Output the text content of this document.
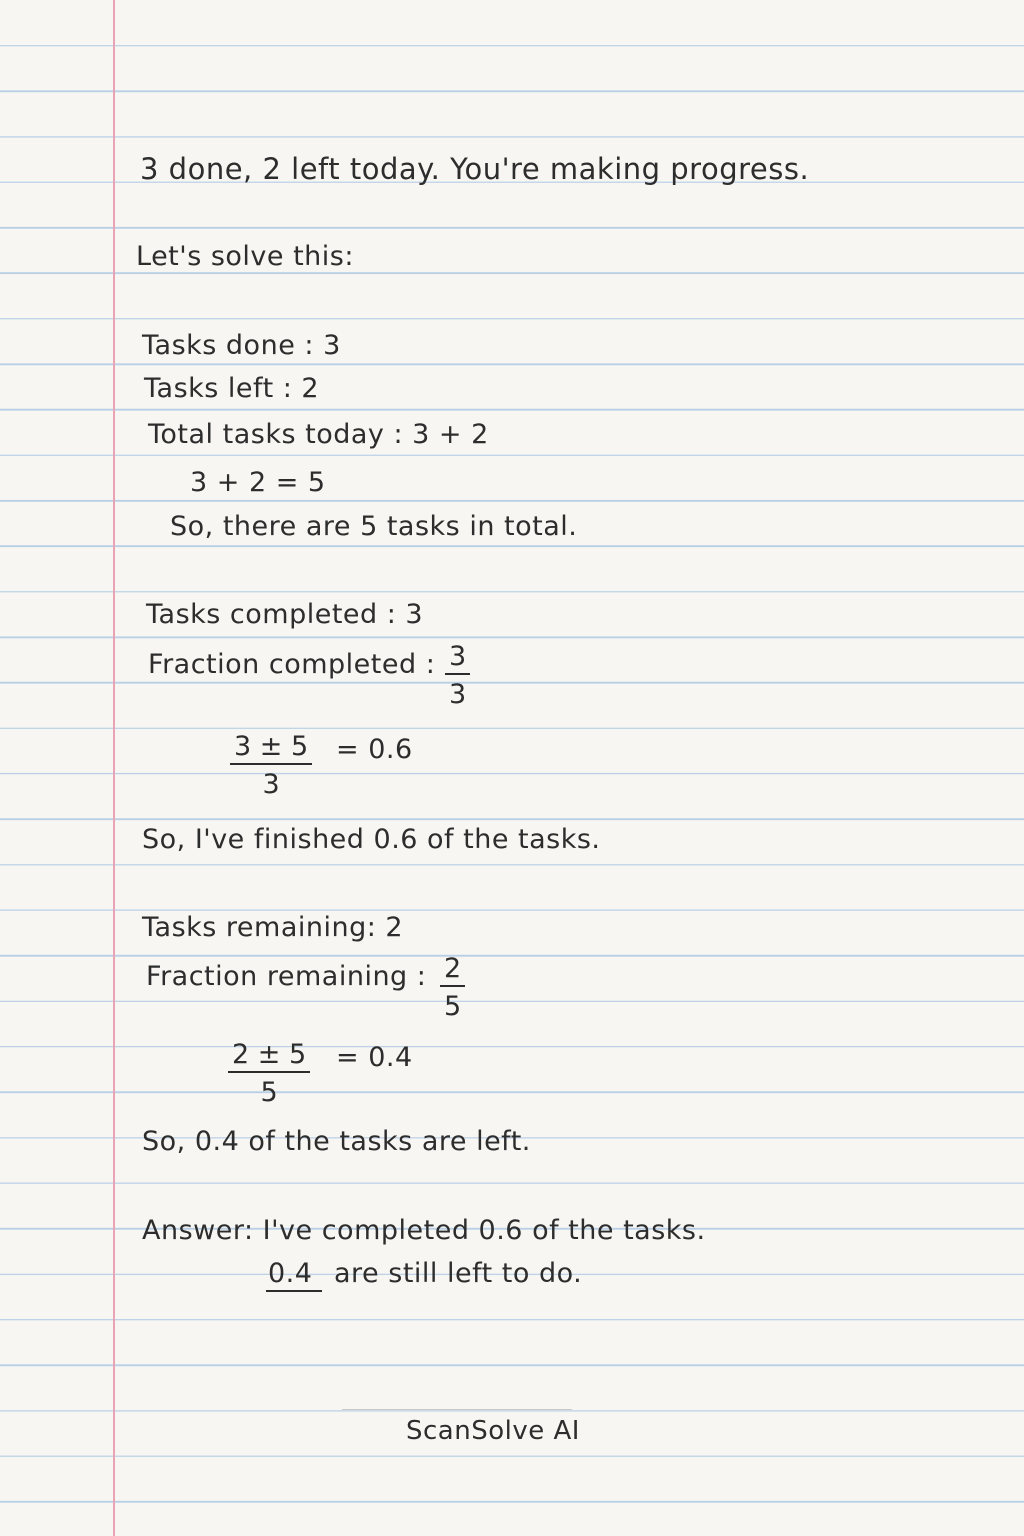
3 done, 2 left today. You're making progress.
Let's solve this:
Tasks done : 3
Tasks left : 2
Total tasks today : 3 + 2
3 + 2 = 5
So, there are 5 tasks in total.
Tasks completed : 3
Fraction completed : $\frac{3}{3}$
$\frac{3 \pm 5}{3} = 0.6$
So, I've finished 0.6 of the tasks.
Tasks remaining: 2
Fraction remaining : $\frac{2}{5}$
$\frac{2 \pm 5}{5} = 0.4$
So, 0.4 of the tasks are left.
Answer: I've completed 0.6 of the tasks.
0.4 are still left to do.
ScanSolve AI
